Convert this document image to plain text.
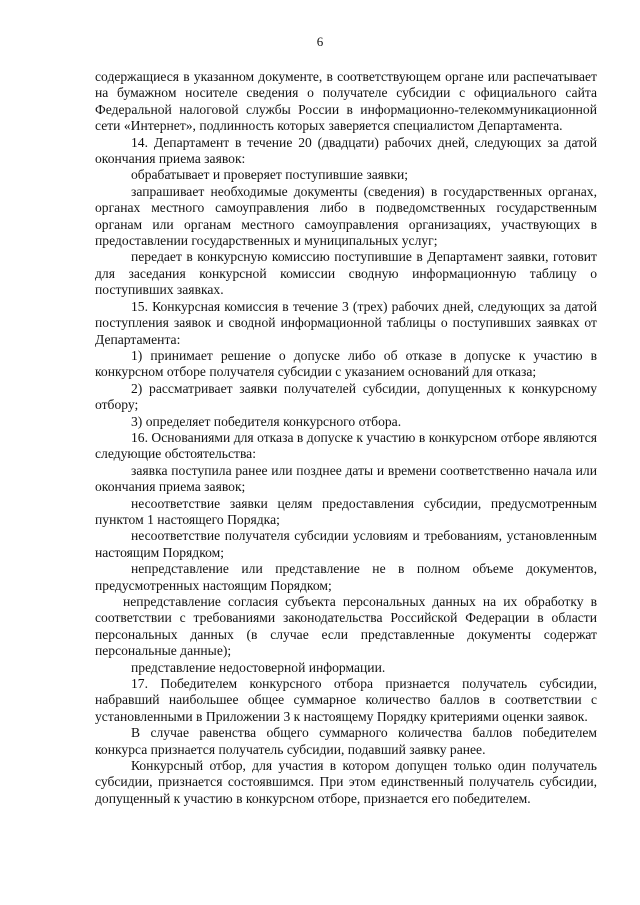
6

содержащиеся в указанном документе, в соответствующем органе или распечатывает на бумажном носителе сведения о получателе субсидии с официального сайта Федеральной налоговой службы России в информационно-телекоммуникационной сети «Интернет», подлинность которых заверяется специалистом Департамента.

14. Департамент в течение 20 (двадцати) рабочих дней, следующих за датой окончания приема заявок:

обрабатывает и проверяет поступившие заявки;

запрашивает необходимые документы (сведения) в государственных органах, органах местного самоуправления либо в подведомственных государственным органам или органам местного самоуправления организациях, участвующих в предоставлении государственных и муниципальных услуг;

передает в конкурсную комиссию поступившие в Департамент заявки, готовит для заседания конкурсной комиссии сводную информационную таблицу о поступивших заявках.

15. Конкурсная комиссия в течение 3 (трех) рабочих дней, следующих за датой поступления заявок и сводной информационной таблицы о поступивших заявках от Департамента:

1) принимает решение о допуске либо об отказе в допуске к участию в конкурсном отборе получателя субсидии с указанием оснований для отказа;

2) рассматривает заявки получателей субсидии, допущенных к конкурсному отбору;

3) определяет победителя конкурсного отбора.

16. Основаниями для отказа в допуске к участию в конкурсном отборе являются следующие обстоятельства:

заявка поступила ранее или позднее даты и времени соответственно начала или окончания приема заявок;

несоответствие заявки целям предоставления субсидии, предусмотренным пунктом 1 настоящего Порядка;

несоответствие получателя субсидии условиям и требованиям, установленным настоящим Порядком;

непредставление или представление не в полном объеме документов, предусмотренных настоящим Порядком;

непредставление согласия субъекта персональных данных на их обработку в соответствии с требованиями законодательства Российской Федерации в области персональных данных (в случае если представленные документы содержат персональные данные);

представление недостоверной информации.

17. Победителем конкурсного отбора признается получатель субсидии, набравший наибольшее общее суммарное количество баллов в соответствии с установленными в Приложении 3 к настоящему Порядку критериями оценки заявок.

В случае равенства общего суммарного количества баллов победителем конкурса признается получатель субсидии, подавший заявку ранее.

Конкурсный отбор, для участия в котором допущен только один получатель субсидии, признается состоявшимся. При этом единственный получатель субсидии, допущенный к участию в конкурсном отборе, признается его победителем.
